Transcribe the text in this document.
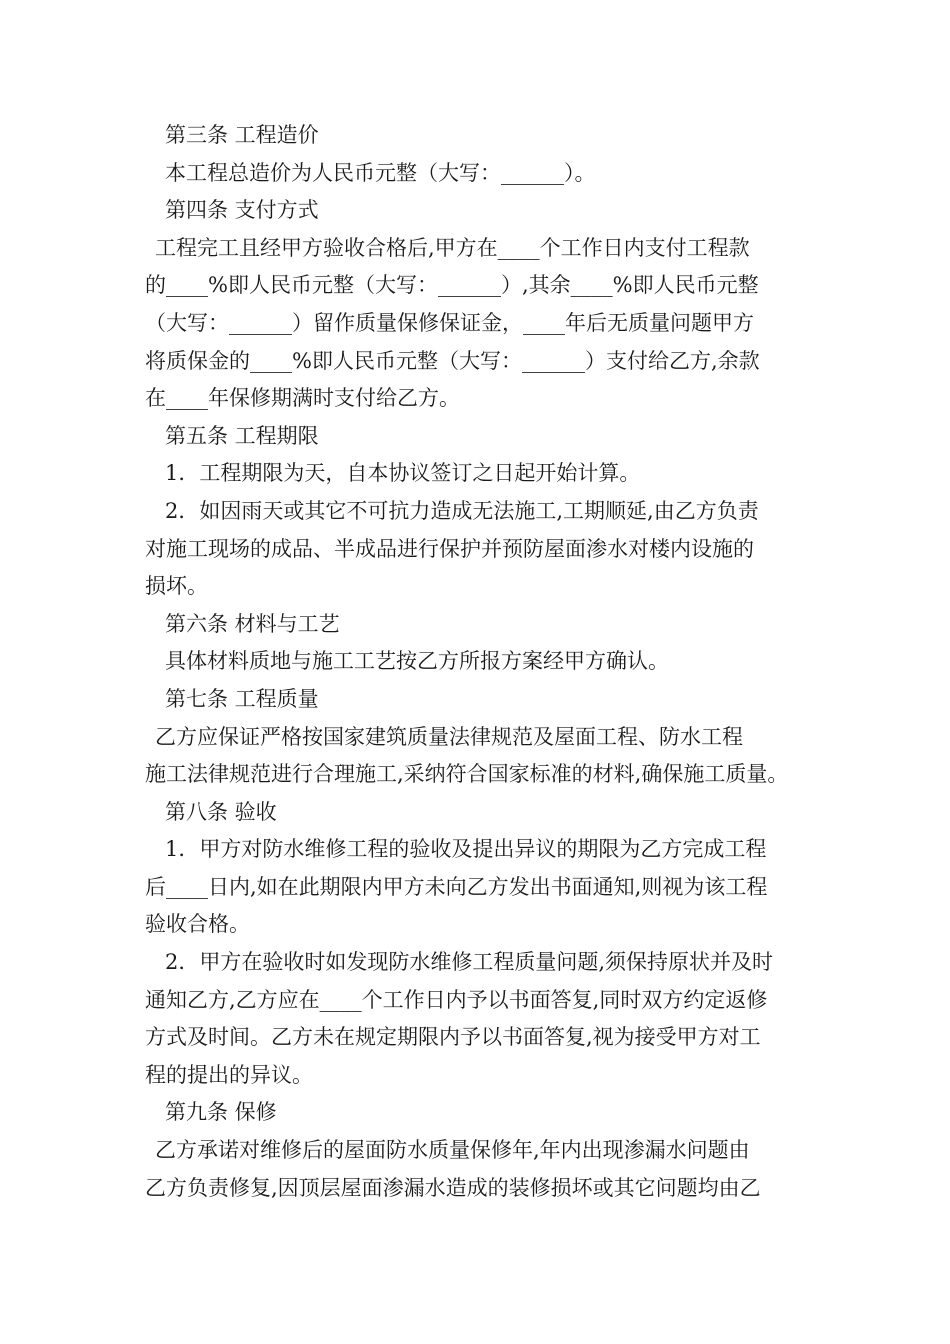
第三条 工程造价
本工程总造价为人民币元整（大写：______）。
第四条 支付方式
工程完工且经甲方验收合格后,甲方在____个工作日内支付工程款
的____%即人民币元整（大写：______）,其余____%即人民币元整
（大写：______）留作质量保修保证金，____年后无质量问题甲方
将质保金的____%即人民币元整（大写：______）支付给乙方,余款
在____年保修期满时支付给乙方。
第五条 工程期限
1．工程期限为天，自本协议签订之日起开始计算。
2．如因雨天或其它不可抗力造成无法施工,工期顺延,由乙方负责
对施工现场的成品、半成品进行保护并预防屋面渗水对楼内设施的
损坏。
第六条 材料与工艺
具体材料质地与施工工艺按乙方所报方案经甲方确认。
第七条 工程质量
乙方应保证严格按国家建筑质量法律规范及屋面工程、防水工程
施工法律规范进行合理施工,采纳符合国家标准的材料,确保施工质量。
第八条 验收
1．甲方对防水维修工程的验收及提出异议的期限为乙方完成工程
后____日内,如在此期限内甲方未向乙方发出书面通知,则视为该工程
验收合格。
2．甲方在验收时如发现防水维修工程质量问题,须保持原状并及时
通知乙方,乙方应在____个工作日内予以书面答复,同时双方约定返修
方式及时间。乙方未在规定期限内予以书面答复,视为接受甲方对工
程的提出的异议。
第九条 保修
乙方承诺对维修后的屋面防水质量保修年,年内出现渗漏水问题由
乙方负责修复,因顶层屋面渗漏水造成的装修损坏或其它问题均由乙
